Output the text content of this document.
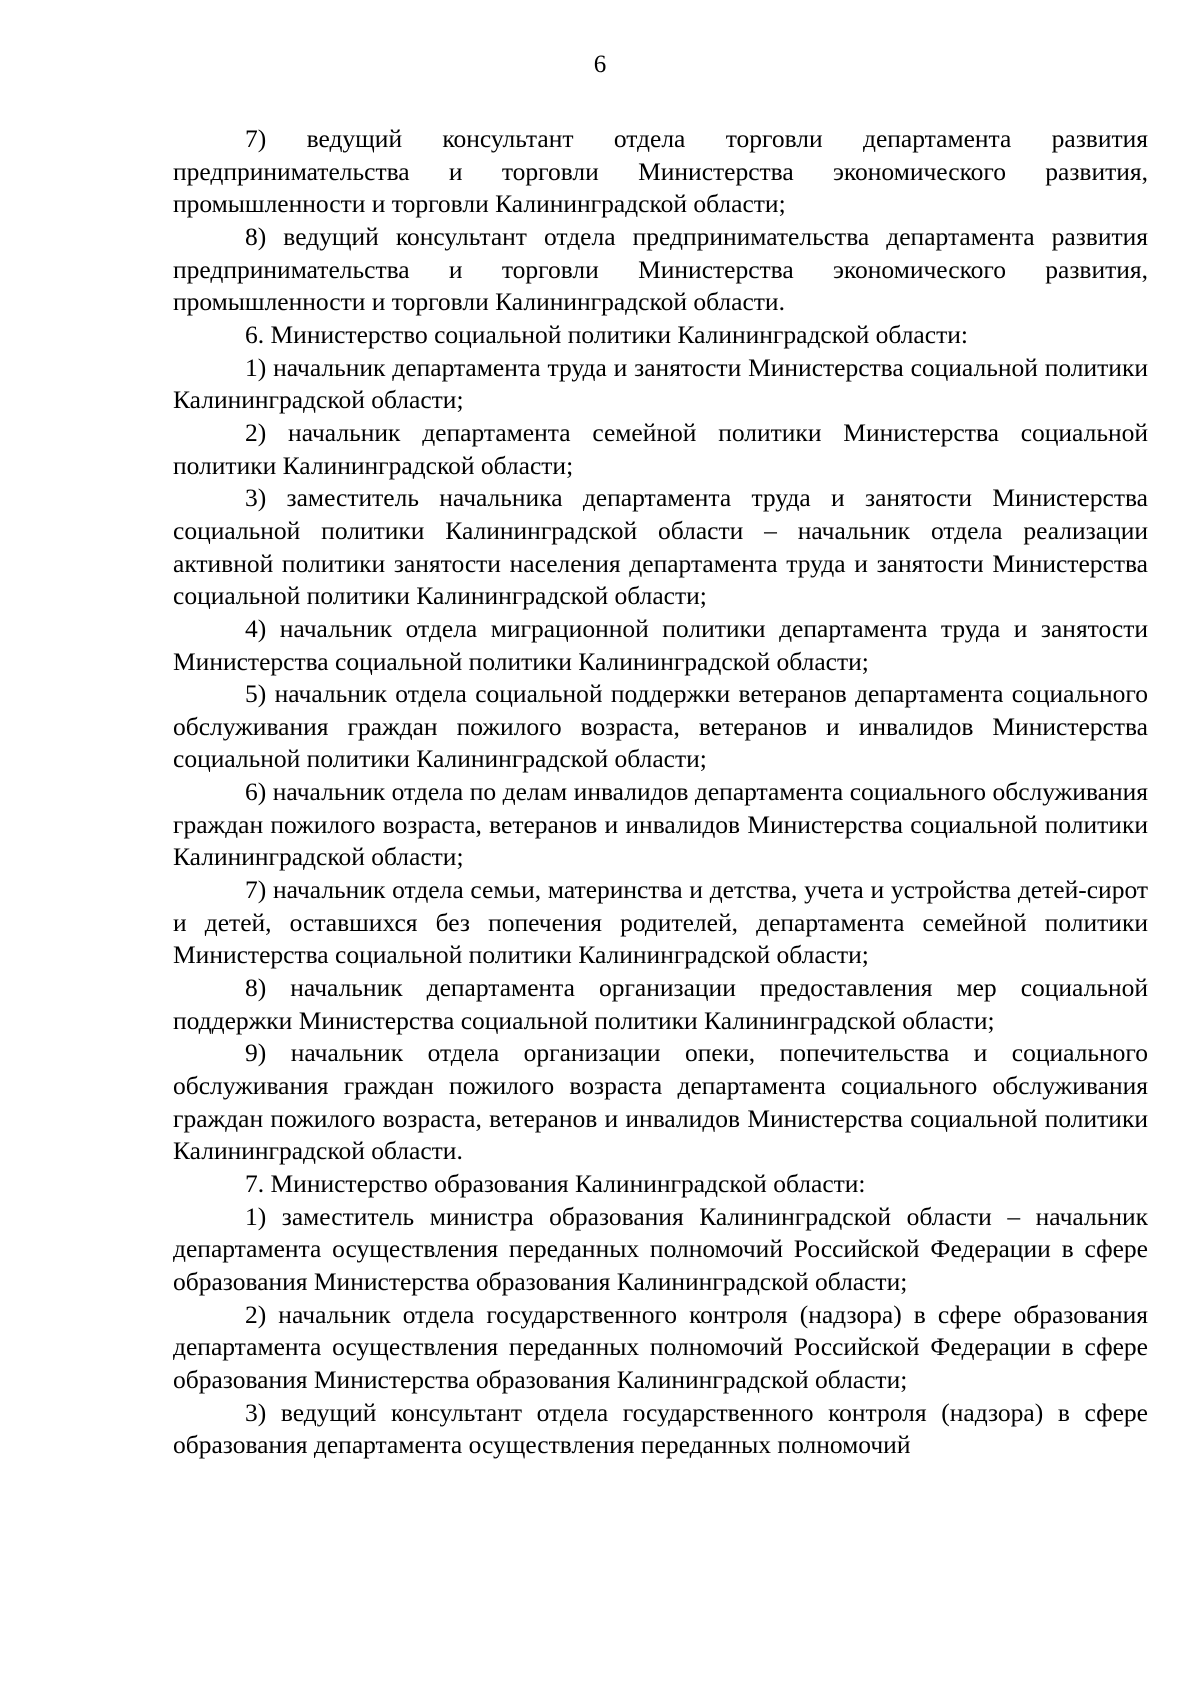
6

7) ведущий консультант отдела торговли департамента развития предпринимательства и торговли Министерства экономического развития, промышленности и торговли Калининградской области;

8) ведущий консультант отдела предпринимательства департамента развития предпринимательства и торговли Министерства экономического развития, промышленности и торговли Калининградской области.

6. Министерство социальной политики Калининградской области:

1) начальник департамента труда и занятости Министерства социальной политики Калининградской области;

2) начальник департамента семейной политики Министерства социальной политики Калининградской области;

3) заместитель начальника департамента труда и занятости Министерства социальной политики Калининградской области – начальник отдела реализации активной политики занятости населения департамента труда и занятости Министерства социальной политики Калининградской области;

4) начальник отдела миграционной политики департамента труда и занятости Министерства социальной политики Калининградской области;

5) начальник отдела социальной поддержки ветеранов департамента социального обслуживания граждан пожилого возраста, ветеранов и инвалидов Министерства социальной политики Калининградской области;

6) начальник отдела по делам инвалидов департамента социального обслуживания граждан пожилого возраста, ветеранов и инвалидов Министерства социальной политики Калининградской области;

7) начальник отдела семьи, материнства и детства, учета и устройства детей-сирот и детей, оставшихся без попечения родителей, департамента семейной политики Министерства социальной политики Калининградской области;

8) начальник департамента организации предоставления мер социальной поддержки Министерства социальной политики Калининградской области;

9) начальник отдела организации опеки, попечительства и социального обслуживания граждан пожилого возраста департамента социального обслуживания граждан пожилого возраста, ветеранов и инвалидов Министерства социальной политики Калининградской области.

7. Министерство образования Калининградской области:

1) заместитель министра образования Калининградской области – начальник департамента осуществления переданных полномочий Российской Федерации в сфере образования Министерства образования Калининградской области;

2) начальник отдела государственного контроля (надзора) в сфере образования департамента осуществления переданных полномочий Российской Федерации в сфере образования Министерства образования Калининградской области;

3) ведущий консультант отдела государственного контроля (надзора) в сфере образования департамента осуществления переданных полномочий
